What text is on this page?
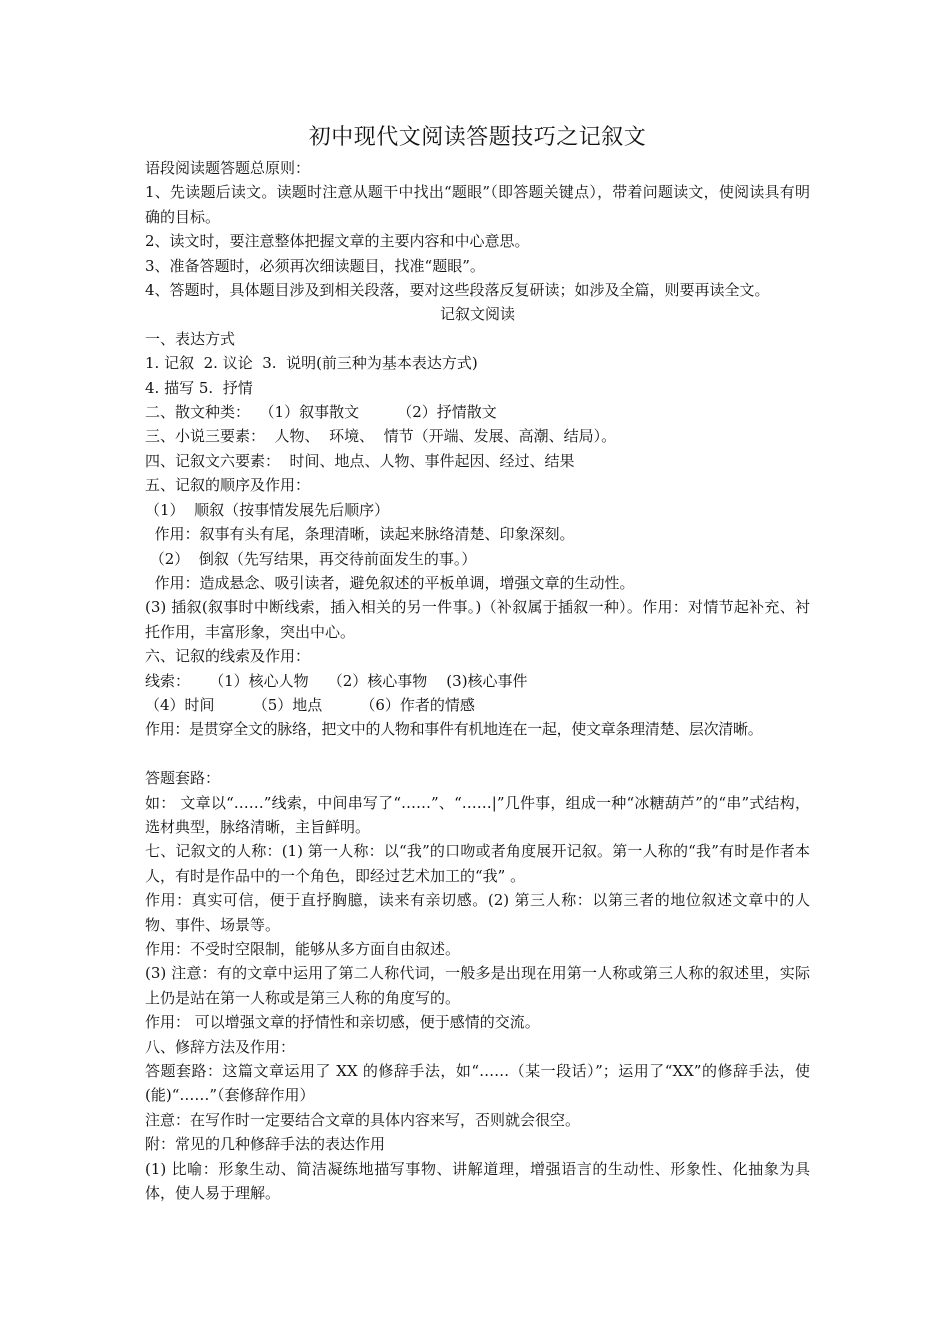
初中现代文阅读答题技巧之记叙文

语段阅读题答题总原则：

1、先读题后读文。读题时注意从题干中找出“题眼”（即答题关键点），带着问题读文，使阅读具有明确的目标。

2、读文时，要注意整体把握文章的主要内容和中心意思。

3、准备答题时，必须再次细读题目，找准“题眼”。

4、答题时，具体题目涉及到相关段落，要对这些段落反复研读；如涉及全篇，则要再读全文。

记叙文阅读

一、表达方式

1. 记叙  2. 议论  3.  说明(前三种为基本表达方式)

4. 描写 5.  抒情

二、散文种类：  （1）叙事散文        （2）抒情散文

三、小说三要素：  人物、  环境、  情节（开端、发展、高潮、结局）。

四、记叙文六要素：  时间、地点、人物、事件起因、经过、结果

五、记叙的顺序及作用：

（1）  顺叙（按事情发展先后顺序）

作用：叙事有头有尾，条理清晰，读起来脉络清楚、印象深刻。

（2）  倒叙（先写结果，再交待前面发生的事。）

作用：造成悬念、吸引读者，避免叙述的平板单调，增强文章的生动性。

(3) 插叙(叙事时中断线索，插入相关的另一件事。)（补叙属于插叙一种）。作用：对情节起补充、衬托作用，丰富形象，突出中心。

六、记叙的线索及作用：

线索：    （1）核心人物    （2）核心事物    (3)核心事件

（4）时间        （5）地点        （6）作者的情感

作用：是贯穿全文的脉络，把文中的人物和事件有机地连在一起，使文章条理清楚、层次清晰。

答题套路：

如： 文章以“……”线索，中间串写了“……”、“……|”几件事，组成一种“冰糖葫芦”的“串”式结构，选材典型，脉络清晰，主旨鲜明。

七、记叙文的人称：(1) 第一人称：以“我”的口吻或者角度展开记叙。第一人称的“我”有时是作者本人，有时是作品中的一个角色，即经过艺术加工的“我” 。

作用：真实可信，便于直抒胸臆，读来有亲切感。(2) 第三人称：以第三者的地位叙述文章中的人物、事件、场景等。

作用：不受时空限制，能够从多方面自由叙述。

(3) 注意：有的文章中运用了第二人称代词，一般多是出现在用第一人称或第三人称的叙述里，实际上仍是站在第一人称或是第三人称的角度写的。

作用： 可以增强文章的抒情性和亲切感，便于感情的交流。

八、修辞方法及作用：

答题套路：这篇文章运用了 XX 的修辞手法，如“……（某一段话）”；运用了“XX”的修辞手法，使(能)“……”（套修辞作用）

注意：在写作时一定要结合文章的具体内容来写，否则就会很空。

附：常见的几种修辞手法的表达作用

(1) 比喻：形象生动、简洁凝练地描写事物、讲解道理，增强语言的生动性、形象性、化抽象为具体，使人易于理解。
